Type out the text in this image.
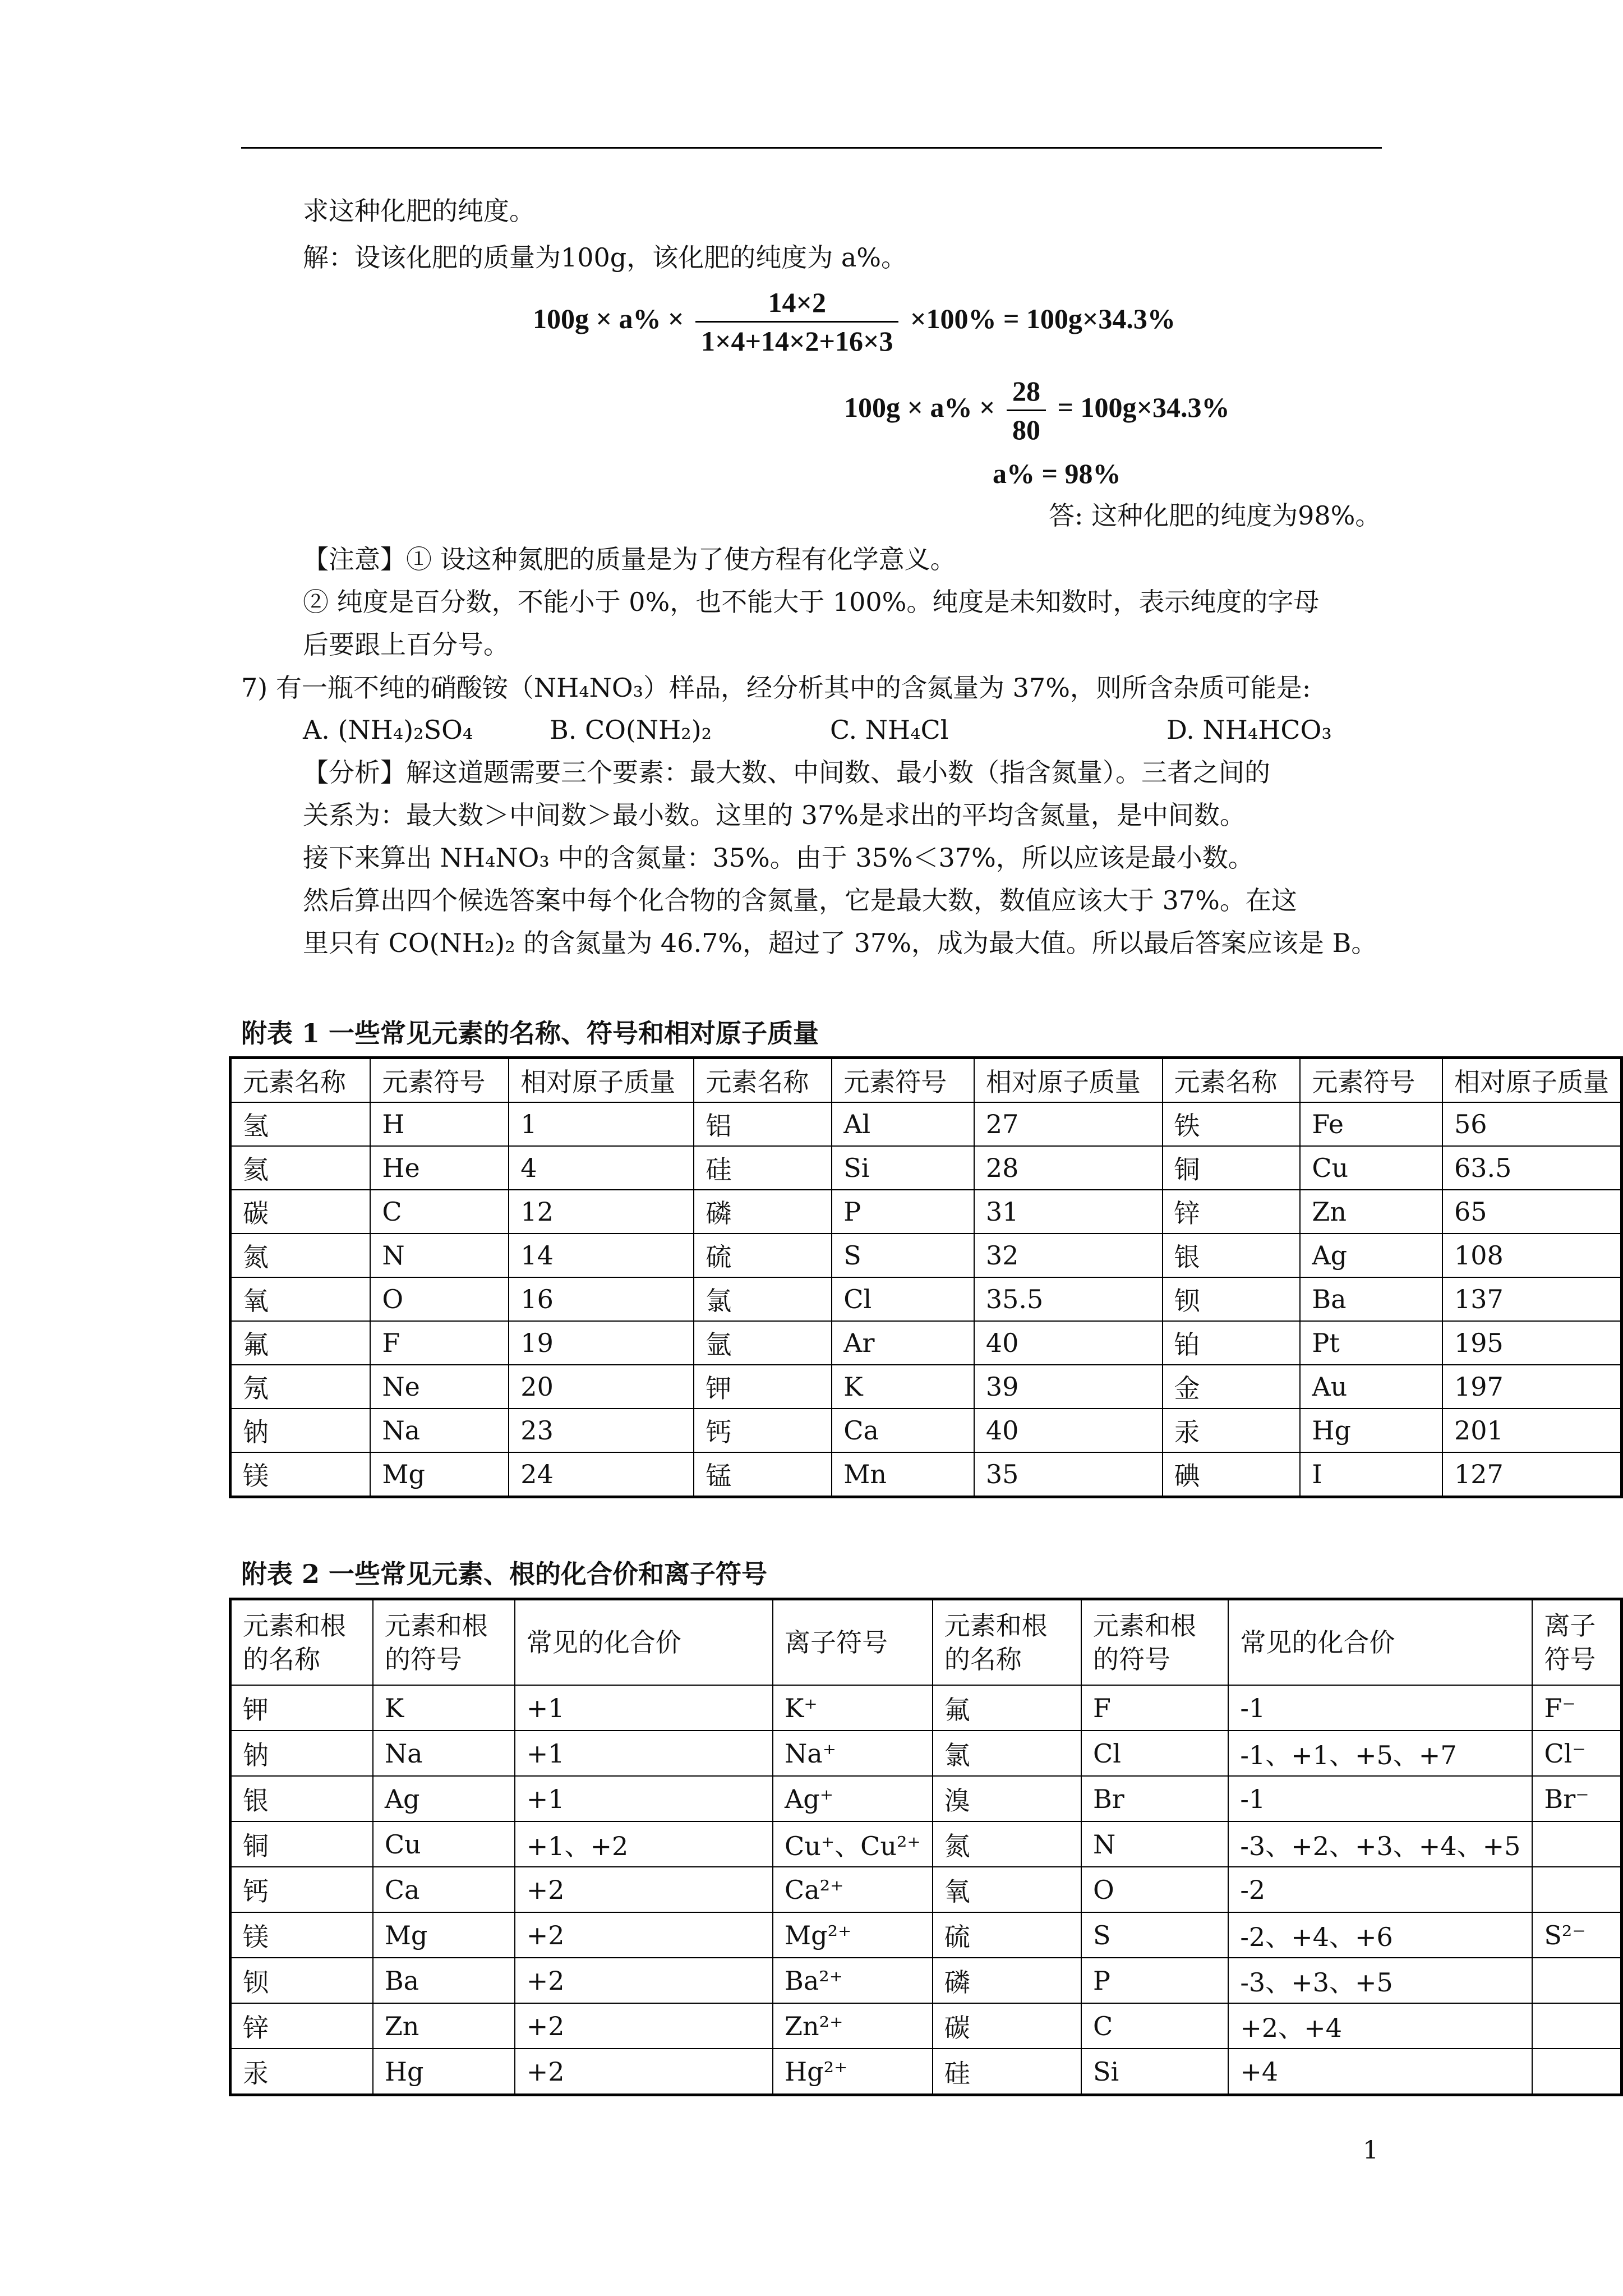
求这种化肥的纯度。
解：设该化肥的质量为100g，该化肥的纯度为 a%。
$100g \times a\% \times \frac{14\times 2}{1\times 4+14\times 2+16\times 3} \times 100\% = 100g\times 34.3\%$
$100g \times a\% \times \frac{28}{80} = 100g\times 34.3\%$
a% = 98%
答: 这种化肥的纯度为98%。
【注意】① 设这种氮肥的质量是为了使方程有化学意义。
② 纯度是百分数，不能小于 0%，也不能大于 100%。纯度是未知数时，表示纯度的字母
后要跟上百分号。
7) 有一瓶不纯的硝酸铵（NH₄NO₃）样品，经分析其中的含氮量为 37%，则所含杂质可能是:
A. (NH₄)₂SO₄	B. CO(NH₂)₂	C. NH₄Cl	D. NH₄HCO₃
【分析】解这道题需要三个要素：最大数、中间数、最小数（指含氮量）。三者之间的
关系为：最大数＞中间数＞最小数。这里的 37%是求出的平均含氮量，是中间数。
接下来算出 NH₄NO₃ 中的含氮量：35%。由于 35%＜37%，所以应该是最小数。
然后算出四个候选答案中每个化合物的含氮量，它是最大数，数值应该大于 37%。在这
里只有 CO(NH₂)₂ 的含氮量为 46.7%，超过了 37%，成为最大值。所以最后答案应该是 B。
附表 1 一些常见元素的名称、符号和相对原子质量
元素名称	元素符号	相对原子质量	元素名称	元素符号	相对原子质量	元素名称	元素符号	相对原子质量
氢	H	1	铝	Al	27	铁	Fe	56
氦	He	4	硅	Si	28	铜	Cu	63.5
碳	C	12	磷	P	31	锌	Zn	65
氮	N	14	硫	S	32	银	Ag	108
氧	O	16	氯	Cl	35.5	钡	Ba	137
氟	F	19	氩	Ar	40	铂	Pt	195
氖	Ne	20	钾	K	39	金	Au	197
钠	Na	23	钙	Ca	40	汞	Hg	201
镁	Mg	24	锰	Mn	35	碘	I	127
附表 2 一些常见元素、根的化合价和离子符号
元素和根的名称	元素和根的符号	常见的化合价	离子符号	元素和根的名称	元素和根的符号	常见的化合价	离子符号
钾	K	+1	K⁺	氟	F	-1	F⁻
钠	Na	+1	Na⁺	氯	Cl	-1、+1、+5、+7	Cl⁻
银	Ag	+1	Ag⁺	溴	Br	-1	Br⁻
铜	Cu	+1、+2	Cu⁺、Cu²⁺	氮	N	-3、+2、+3、+4、+5	
钙	Ca	+2	Ca²⁺	氧	O	-2	
镁	Mg	+2	Mg²⁺	硫	S	-2、+4、+6	S²⁻
钡	Ba	+2	Ba²⁺	磷	P	-3、+3、+5	
锌	Zn	+2	Zn²⁺	碳	C	+2、+4	
汞	Hg	+2	Hg²⁺	硅	Si	+4	
1
